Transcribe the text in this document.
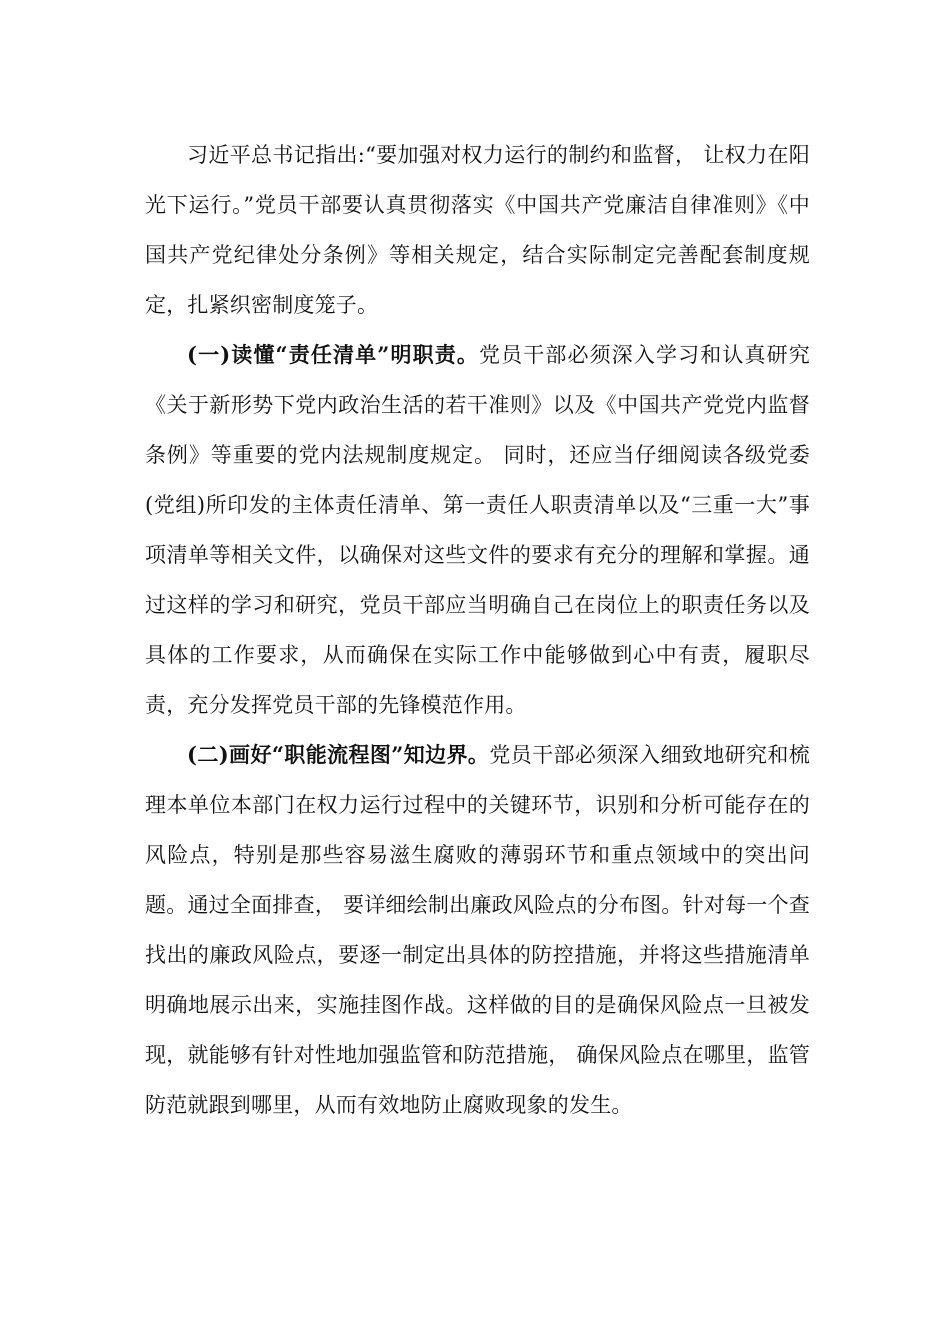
习近平总书记指出:“要加强对权力运行的制约和监督， 让权力在阳光下运行。”党员干部要认真贯彻落实《中国共产党廉洁自律准则》《中国共产党纪律处分条例》等相关规定，结合实际制定完善配套制度规定，扎紧织密制度笼子。

(一)读懂“责任清单”明职责。党员干部必须深入学习和认真研究《关于新形势下党内政治生活的若干准则》以及《中国共产党党内监督条例》等重要的党内法规制度规定。 同时，还应当仔细阅读各级党委(党组)所印发的主体责任清单、第一责任人职责清单以及“三重一大”事项清单等相关文件，以确保对这些文件的要求有充分的理解和掌握。通过这样的学习和研究，党员干部应当明确自己在岗位上的职责任务以及具体的工作要求，从而确保在实际工作中能够做到心中有责，履职尽责，充分发挥党员干部的先锋模范作用。

(二)画好“职能流程图”知边界。党员干部必须深入细致地研究和梳理本单位本部门在权力运行过程中的关键环节，识别和分析可能存在的风险点，特别是那些容易滋生腐败的薄弱环节和重点领域中的突出问题。通过全面排查， 要详细绘制出廉政风险点的分布图。针对每一个查找出的廉政风险点，要逐一制定出具体的防控措施，并将这些措施清单明确地展示出来，实施挂图作战。这样做的目的是确保风险点一旦被发现，就能够有针对性地加强监管和防范措施， 确保风险点在哪里，监管防范就跟到哪里，从而有效地防止腐败现象的发生。
